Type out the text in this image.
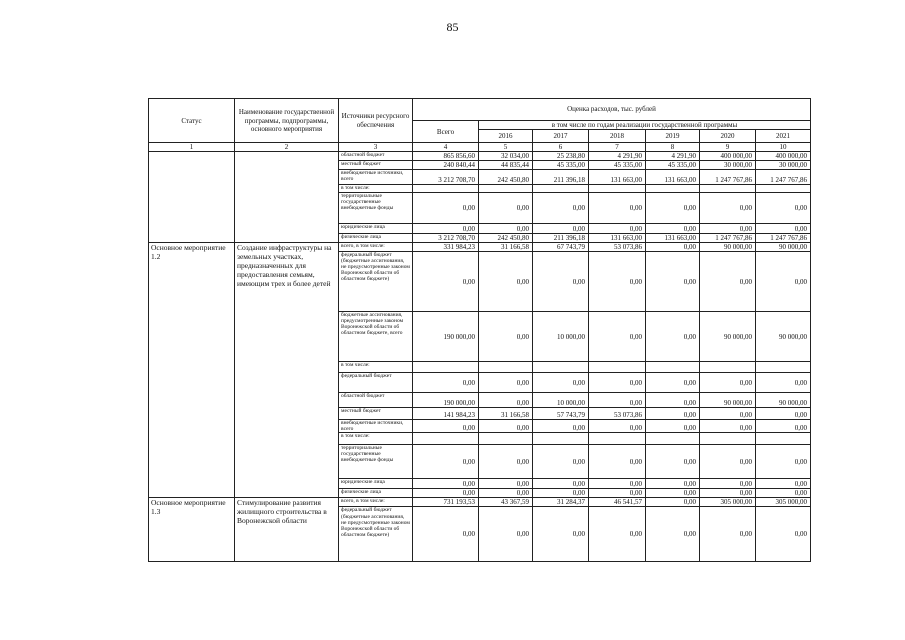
85
Статус	Наименование государственной программы, подпрограммы, основного мероприятия	Источники ресурсного обеспечения	Оценка расходов, тыс. рублей						
			Всего	в том числе по годам реализации государственной программы					
				2016	2017	2018	2019	2020	2021
1	2	3	4	5	6	7	8	9	10
		областной бюджет	865 856,60	32 034,00	25 238,80	4 291,90	4 291,90	400 000,00	400 000,00
		местный бюджет	240 840,44	44 835,44	45 335,00	45 335,00	45 335,00	30 000,00	30 000,00
		внебюджетные источники, всего	3 212 708,70	242 450,80	211 396,18	131 663,00	131 663,00	1 247 767,86	1 247 767,86
		в том числе:							
		территориальные государственные внебюджетные фонды	0,00	0,00	0,00	0,00	0,00	0,00	0,00
		юридические лица	0,00	0,00	0,00	0,00	0,00	0,00	0,00
		физические лица	3 212 708,70	242 450,80	211 396,18	131 663,00	131 663,00	1 247 767,86	1 247 767,86
Основное мероприятие 1.2	Создание инфраструктуры на земельных участках, предназначенных для предоставления семьям, имеющим трех и более детей	всего, в том числе:	331 984,23	31 166,58	67 743,79	53 073,86	0,00	90 000,00	90 000,00
		федеральный бюджет (бюджетные ассигнования, не предусмотренные законом Воронежской области об областном бюджете)	0,00	0,00	0,00	0,00	0,00	0,00	0,00
		бюджетные ассигнования, предусмотренные законом Воронежской области об областном бюджете, всего	190 000,00	0,00	10 000,00	0,00	0,00	90 000,00	90 000,00
		в том числе:							
		федеральный бюджет	0,00	0,00	0,00	0,00	0,00	0,00	0,00
		областной бюджет	190 000,00	0,00	10 000,00	0,00	0,00	90 000,00	90 000,00
		местный бюджет	141 984,23	31 166,58	57 743,79	53 073,86	0,00	0,00	0,00
		внебюджетные источники, всего	0,00	0,00	0,00	0,00	0,00	0,00	0,00
		в том числе:							
		территориальные государственные внебюджетные фонды	0,00	0,00	0,00	0,00	0,00	0,00	0,00
		юридические лица	0,00	0,00	0,00	0,00	0,00	0,00	0,00
		физические лица	0,00	0,00	0,00	0,00	0,00	0,00	0,00
Основное мероприятие 1.3	Стимулирование развития жилищного строительства в Воронежской области	всего, в том числе:	731 193,53	43 367,59	31 284,37	46 541,57	0,00	305 000,00	305 000,00
		федеральный бюджет (бюджетные ассигнования, не предусмотренные законом Воронежской области об областном бюджете)	0,00	0,00	0,00	0,00	0,00	0,00	0,00
